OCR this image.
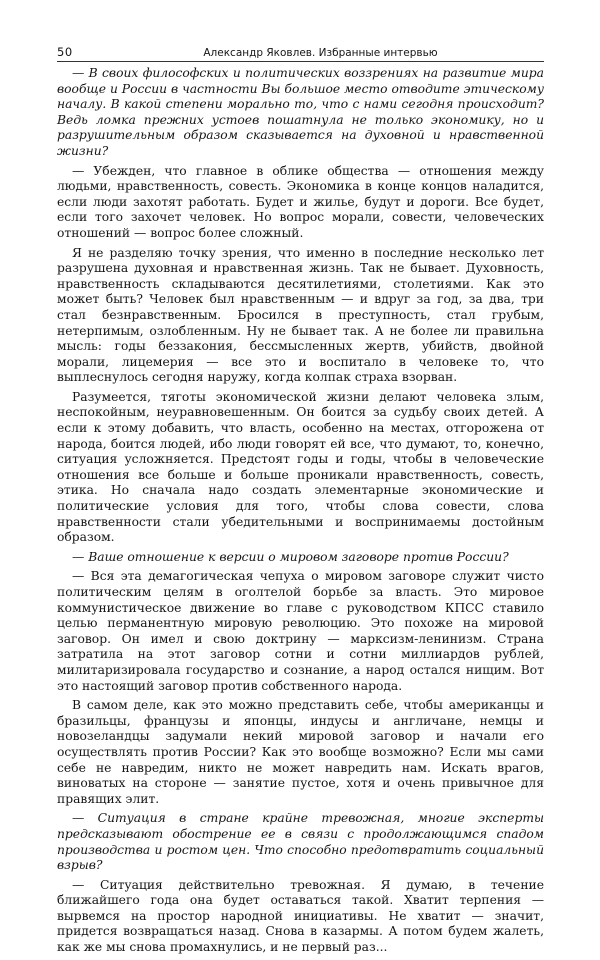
50	Александр Яковлев. Избранные интервью

— В своих философских и политических воззрениях на развитие мира вообще и России в частности Вы большое место отводите этическому началу. В какой степени морально то, что с нами сегодня происходит? Ведь ломка прежних устоев пошатнула не только экономику, но и разрушительным образом сказывается на духовной и нравственной жизни?

— Убежден, что главное в облике общества — отношения между людьми, нравственность, совесть. Экономика в конце концов наладится, если люди захотят работать. Будет и жилье, будут и дороги. Все будет, если того захочет человек. Но вопрос морали, совести, человеческих отношений — вопрос более сложный.

Я не разделяю точку зрения, что именно в последние несколько лет разрушена духовная и нравственная жизнь. Так не бывает. Духовность, нравственность складываются десятилетиями, столетиями. Как это может быть? Человек был нравственным — и вдруг за год, за два, три стал безнравственным. Бросился в преступность, стал грубым, нетерпимым, озлобленным. Ну не бывает так. А не более ли правильна мысль: годы беззакония, бессмысленных жертв, убийств, двойной морали, лицемерия — все это и воспитало в человеке то, что выплеснулось сегодня наружу, когда колпак страха взорван.

Разумеется, тяготы экономической жизни делают человека злым, неспокойным, неуравновешенным. Он боится за судьбу своих детей. А если к этому добавить, что власть, особенно на местах, отгорожена от народа, боится людей, ибо люди говорят ей все, что думают, то, конечно, ситуация усложняется. Предстоят годы и годы, чтобы в человеческие отношения все больше и больше проникали нравственность, совесть, этика. Но сначала надо создать элементарные экономические и политические условия для того, чтобы слова совести, слова нравственности стали убедительными и воспринимаемы достойным образом.

— Ваше отношение к версии о мировом заговоре против России?

— Вся эта демагогическая чепуха о мировом заговоре служит чисто политическим целям в оголтелой борьбе за власть. Это мировое коммунистическое движение во главе с руководством КПСС ставило целью перманентную мировую революцию. Это похоже на мировой заговор. Он имел и свою доктрину — марксизм-ленинизм. Страна затратила на этот заговор сотни и сотни миллиардов рублей, милитаризировала государство и сознание, а народ остался нищим. Вот это настоящий заговор против собственного народа.

В самом деле, как это можно представить себе, чтобы американцы и бразильцы, французы и японцы, индусы и англичане, немцы и новозеландцы задумали некий мировой заговор и начали его осуществлять против России? Как это вообще возможно? Если мы сами себе не навредим, никто не может навредить нам. Искать врагов, виноватых на стороне — занятие пустое, хотя и очень привычное для правящих элит.

— Ситуация в стране крайне тревожная, многие эксперты предсказывают обострение ее в связи с продолжающимся спадом производства и ростом цен. Что способно предотвратить социальный взрыв?

— Ситуация действительно тревожная. Я думаю, в течение ближайшего года она будет оставаться такой. Хватит терпения — вырвемся на простор народной инициативы. Не хватит — значит, придется возвращаться назад. Снова в казармы. А потом будем жалеть, как же мы снова промахнулись, и не первый раз...
